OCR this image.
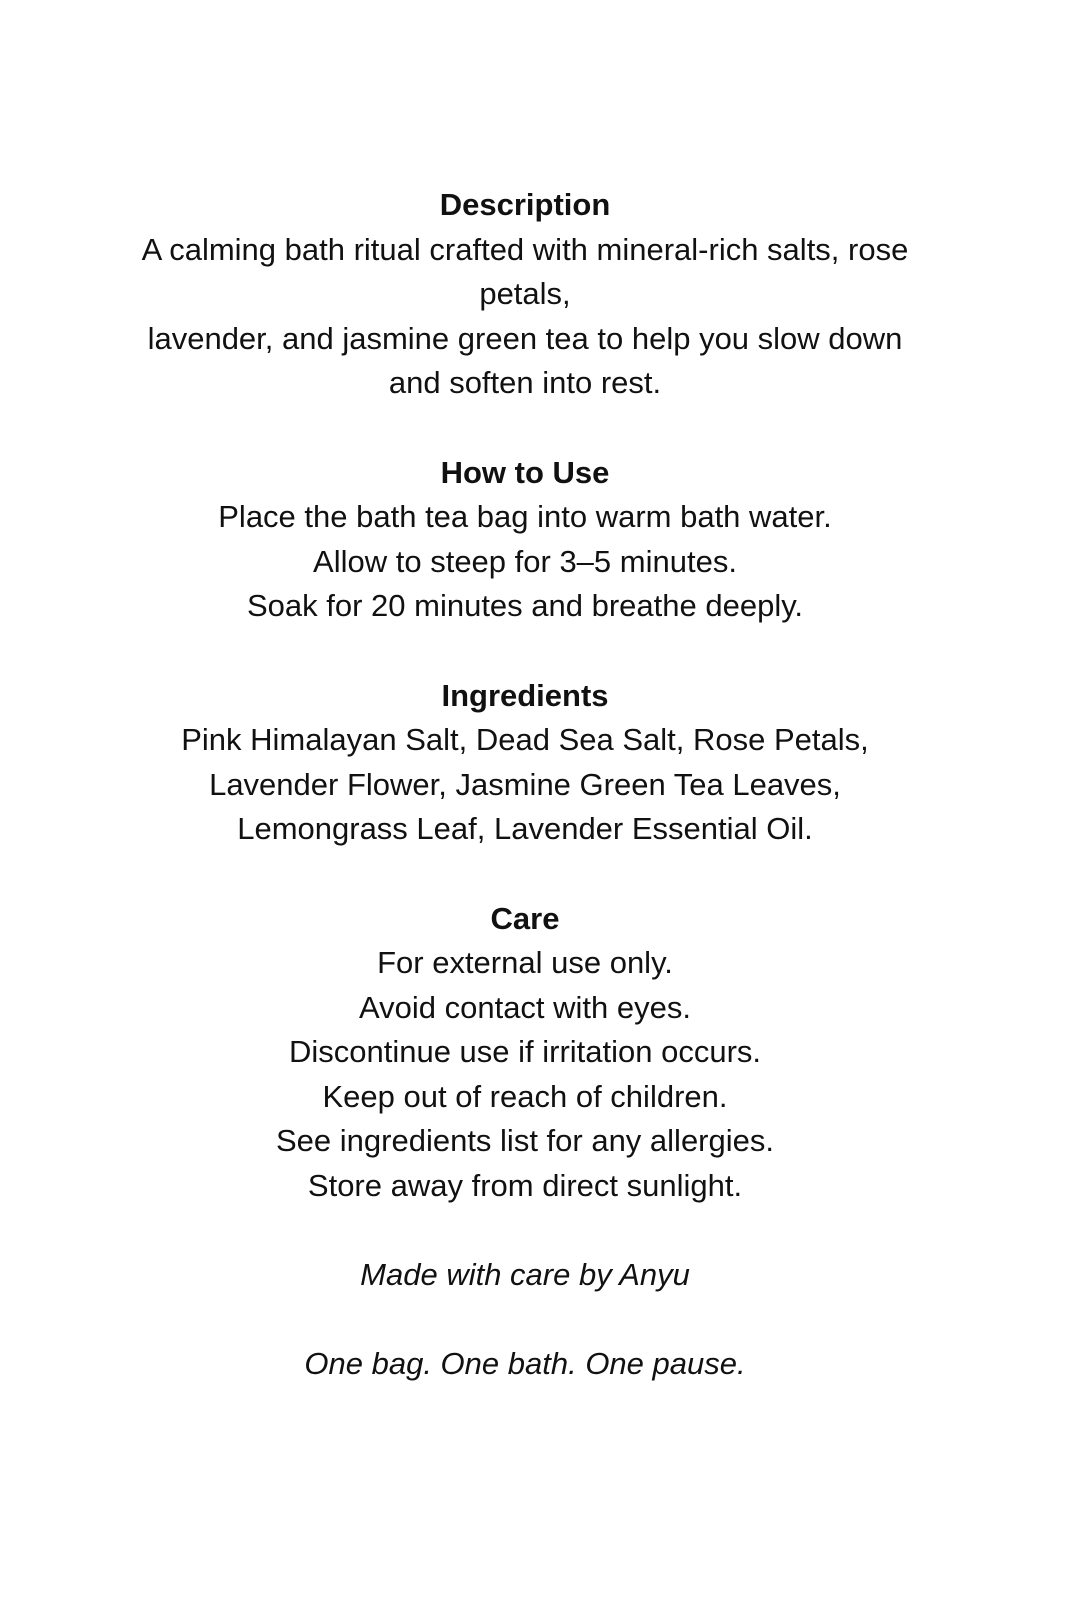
Description
A calming bath ritual crafted with mineral-rich salts, rose
petals,
lavender, and jasmine green tea to help you slow down
and soften into rest.
How to Use
Place the bath tea bag into warm bath water.
Allow to steep for 3–5 minutes.
Soak for 20 minutes and breathe deeply.
Ingredients
Pink Himalayan Salt, Dead Sea Salt, Rose Petals,
Lavender Flower, Jasmine Green Tea Leaves,
Lemongrass Leaf, Lavender Essential Oil.
Care
For external use only.
Avoid contact with eyes.
Discontinue use if irritation occurs.
Keep out of reach of children.
See ingredients list for any allergies.
Store away from direct sunlight.
Made with care by Anyu
One bag. One bath. One pause.
